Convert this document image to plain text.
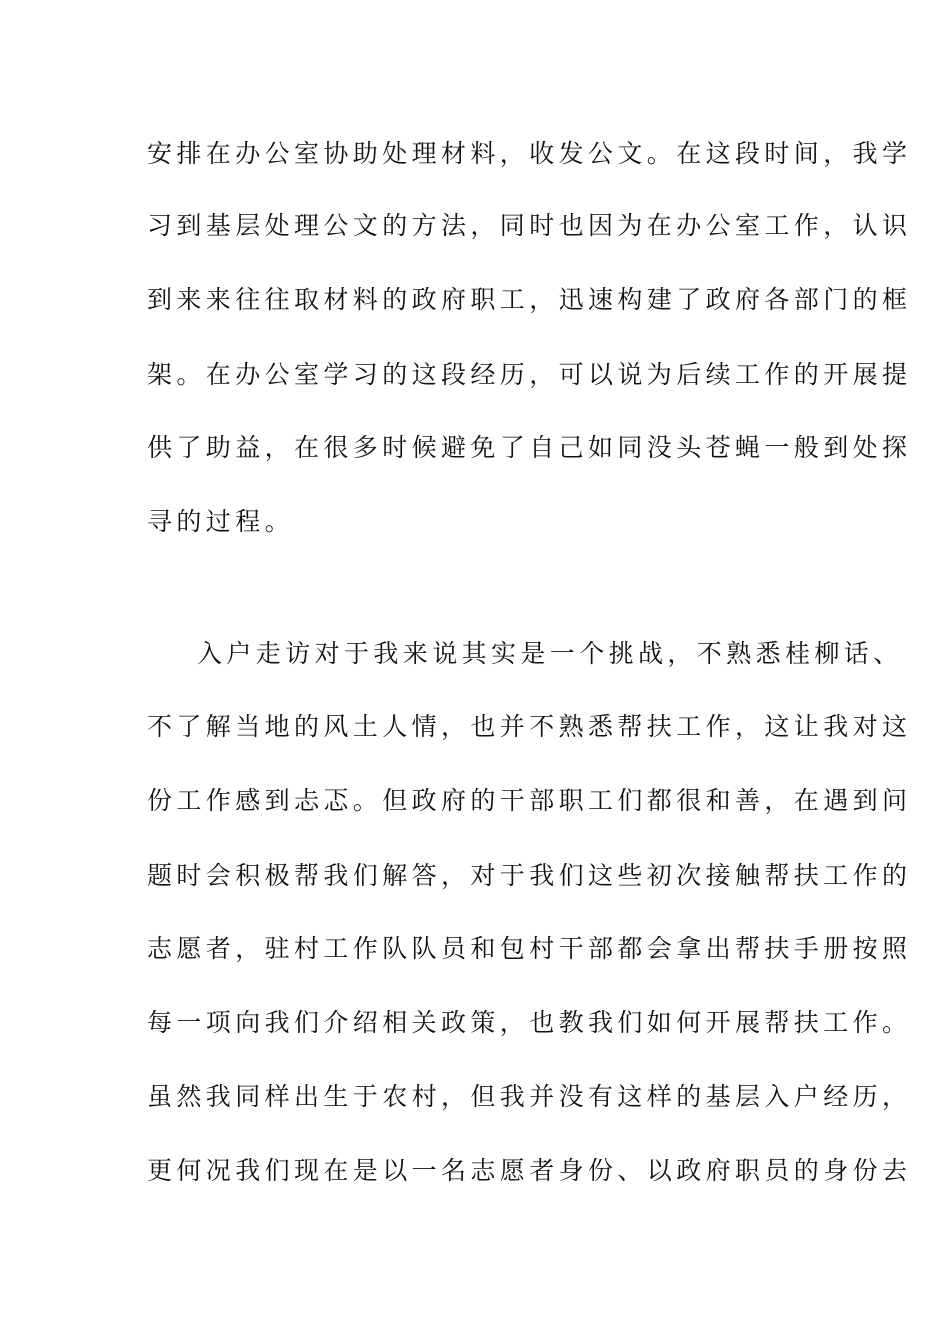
安排在办公室协助处理材料，收发公文。在这段时间，我学
习到基层处理公文的方法，同时也因为在办公室工作，认识
到来来往往取材料的政府职工，迅速构建了政府各部门的框
架。在办公室学习的这段经历，可以说为后续工作的开展提
供了助益，在很多时候避免了自己如同没头苍蝇一般到处探
寻的过程。
入户走访对于我来说其实是一个挑战，不熟悉桂柳话、
不了解当地的风土人情，也并不熟悉帮扶工作，这让我对这
份工作感到忐忑。但政府的干部职工们都很和善，在遇到问
题时会积极帮我们解答，对于我们这些初次接触帮扶工作的
志愿者，驻村工作队队员和包村干部都会拿出帮扶手册按照
每一项向我们介绍相关政策，也教我们如何开展帮扶工作。
虽然我同样出生于农村，但我并没有这样的基层入户经历，
更何况我们现在是以一名志愿者身份、以政府职员的身份去
